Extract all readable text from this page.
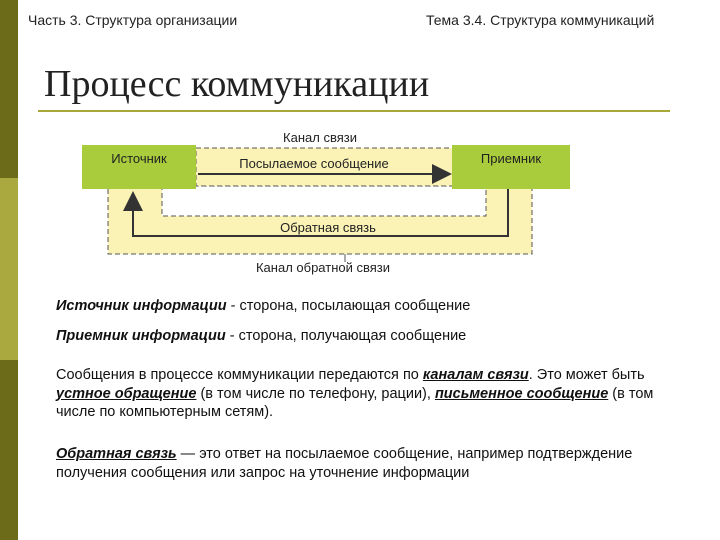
Часть 3. Структура организации	Тема 3.4. Структура коммуникаций
Процесс коммуникации
Канал связи
Источник	Приемник
Посылаемое сообщение
Обратная связь
Канал обратной связи
Источник информации - сторона, посылающая сообщение
Приемник информации - сторона, получающая сообщение
Сообщения в процессе коммуникации передаются по каналам связи. Это может быть устное обращение (в том числе по телефону, рации), письменное сообщение (в том числе по компьютерным сетям).
Обратная связь — это ответ на посылаемое сообщение, например подтверждение получения сообщения или запрос на уточнение информации
